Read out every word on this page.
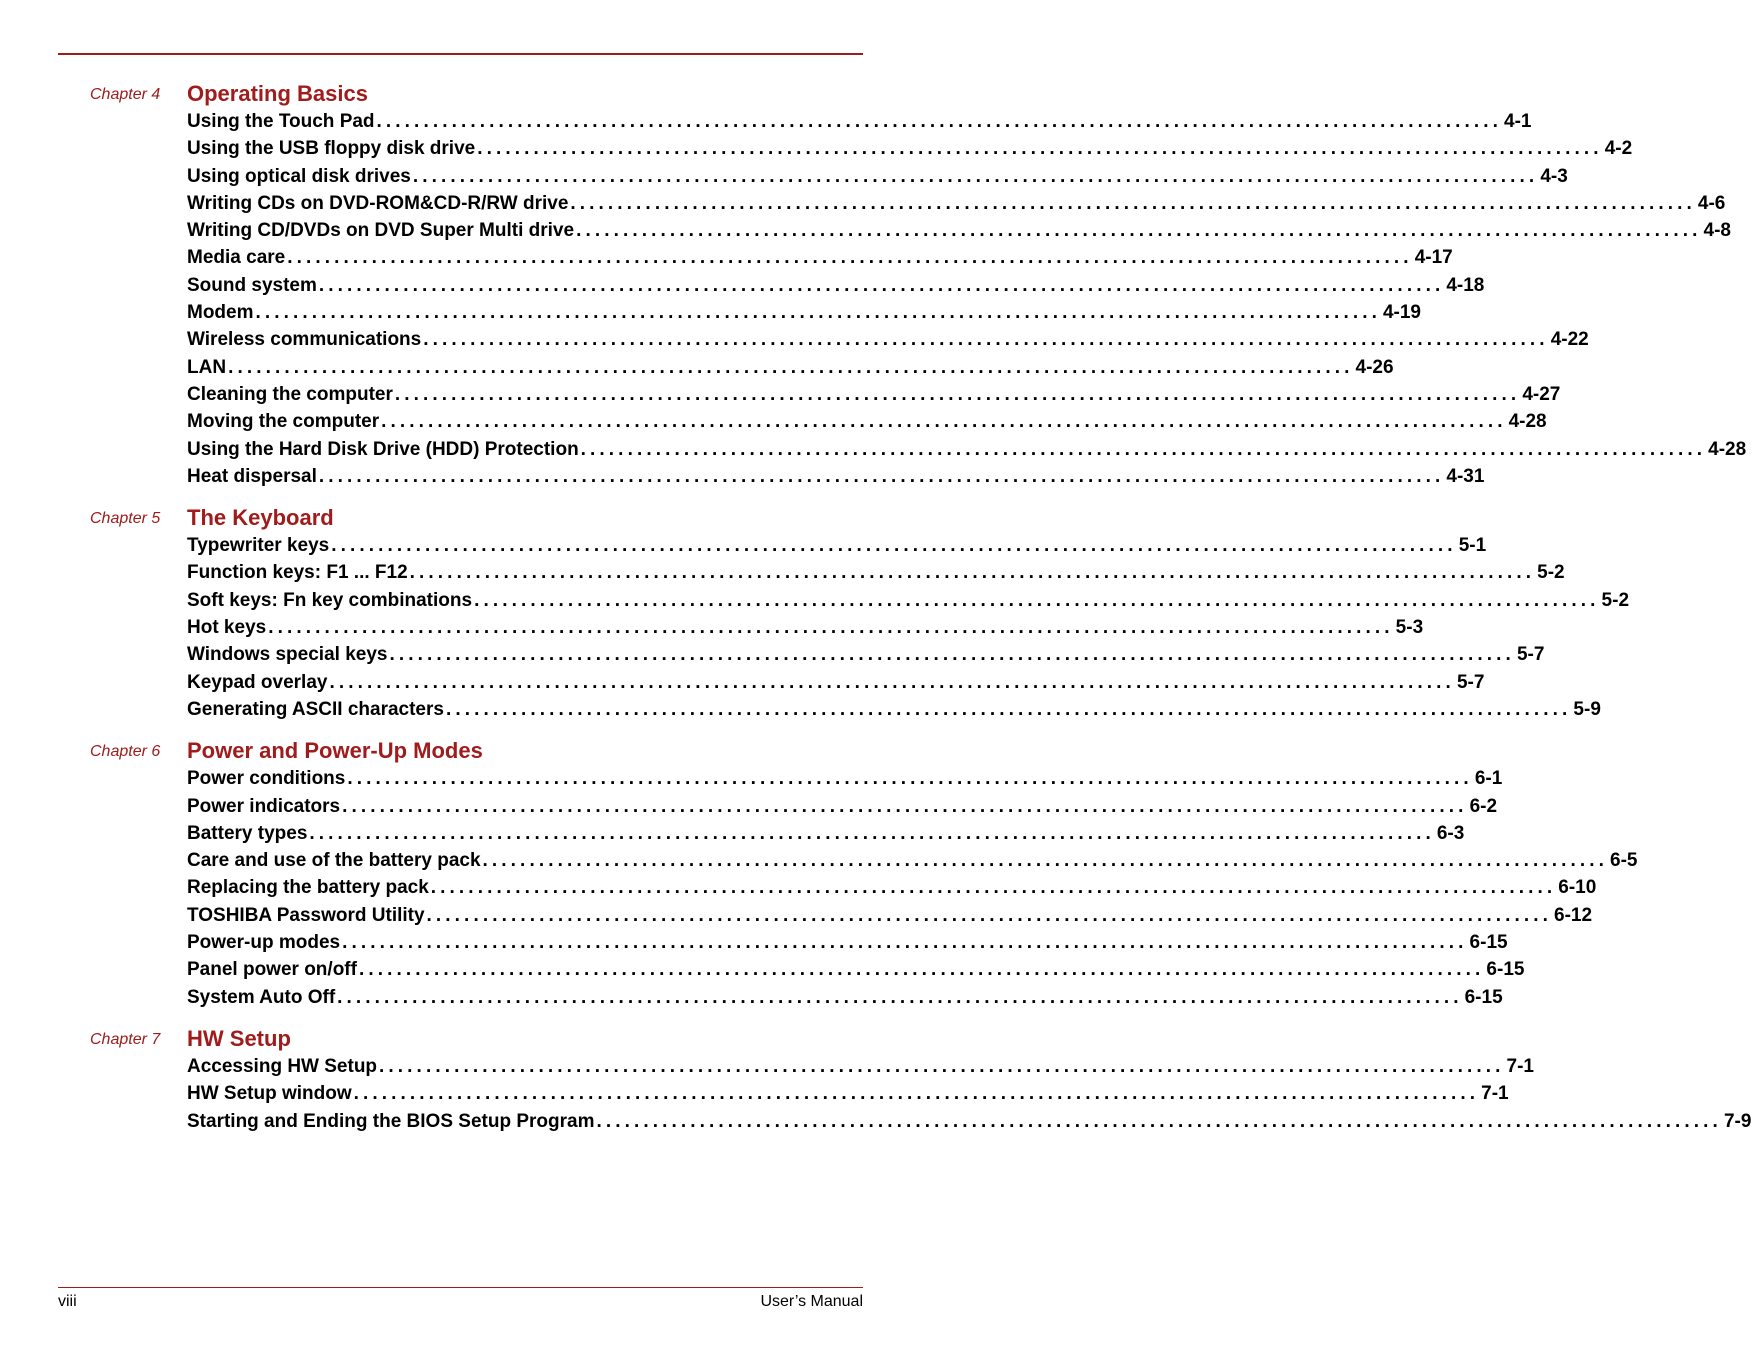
Chapter 4 Operating Basics
Using the Touch Pad ........................................................................................................................ 4-1
Using the USB floppy disk drive ........................................................................................................................ 4-2
Using optical disk drives ........................................................................................................................ 4-3
Writing CDs on DVD-ROM&CD-R/RW drive ........................................................................................................................ 4-6
Writing CD/DVDs on DVD Super Multi drive ........................................................................................................................ 4-8
Media care ........................................................................................................................ 4-17
Sound system ........................................................................................................................ 4-18
Modem ........................................................................................................................ 4-19
Wireless communications ........................................................................................................................ 4-22
LAN ........................................................................................................................ 4-26
Cleaning the computer ........................................................................................................................ 4-27
Moving the computer ........................................................................................................................ 4-28
Using the Hard Disk Drive (HDD) Protection ........................................................................................................................ 4-28
Heat dispersal ........................................................................................................................ 4-31
Chapter 5 The Keyboard
Typewriter keys ........................................................................................................................ 5-1
Function keys: F1 ... F12 ........................................................................................................................ 5-2
Soft keys: Fn key combinations ........................................................................................................................ 5-2
Hot keys ........................................................................................................................ 5-3
Windows special keys ........................................................................................................................ 5-7
Keypad overlay ........................................................................................................................ 5-7
Generating ASCII characters ........................................................................................................................ 5-9
Chapter 6 Power and Power-Up Modes
Power conditions ........................................................................................................................ 6-1
Power indicators ........................................................................................................................ 6-2
Battery types ........................................................................................................................ 6-3
Care and use of the battery pack ........................................................................................................................ 6-5
Replacing the battery pack ........................................................................................................................ 6-10
TOSHIBA Password Utility ........................................................................................................................ 6-12
Power-up modes ........................................................................................................................ 6-15
Panel power on/off ........................................................................................................................ 6-15
System Auto Off ........................................................................................................................ 6-15
Chapter 7 HW Setup
Accessing HW Setup ........................................................................................................................ 7-1
HW Setup window ........................................................................................................................ 7-1
Starting and Ending the BIOS Setup Program ........................................................................................................................ 7-9
viii	User’s Manual
